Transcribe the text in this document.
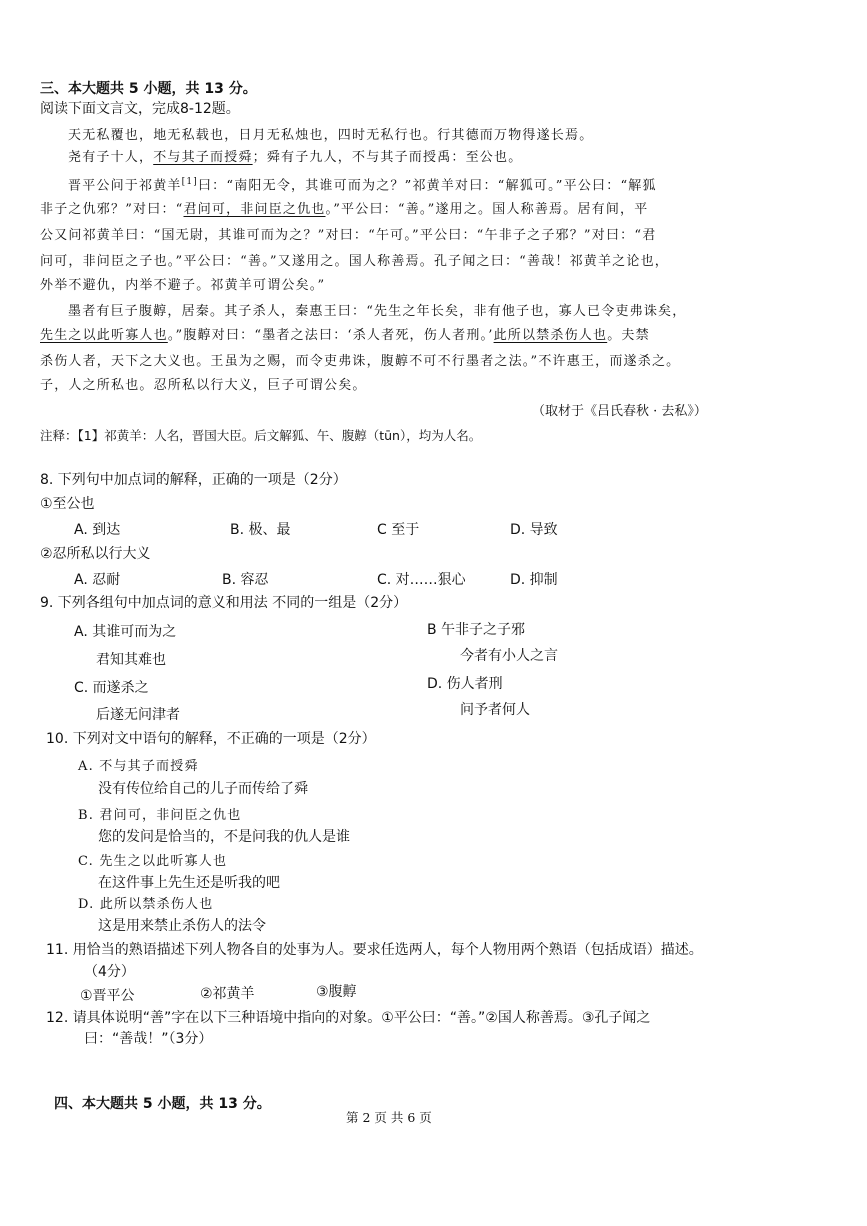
三、本大题共 5 小题，共 13 分。
阅读下面文言文，完成8-12题。
天无私覆也，地无私载也，日月无私烛也，四时无私行也。行其德而万物得遂长焉。
尧有子十人，不与其子而授舜；舜有子九人，不与其子而授禹：至公也。
晋平公问于祁黄羊[1]曰：“南阳无令，其谁可而为之？”祁黄羊对曰：“解狐可。”平公曰：“解狐
非子之仇邪？”对曰：“君问可，非问臣之仇也。”平公曰：“善。”遂用之。国人称善焉。居有间，平
公又问祁黄羊曰：“国无尉，其谁可而为之？”对曰：“午可。”平公曰：“午非子之子邪？”对曰：“君
问可，非问臣之子也。”平公曰：“善。”又遂用之。国人称善焉。孔子闻之曰：“善哉！祁黄羊之论也，
外举不避仇，内举不避子。祁黄羊可谓公矣。”
墨者有巨子腹䵍，居秦。其子杀人，秦惠王曰：“先生之年长矣，非有他子也，寡人已令吏弗诛矣，
先生之以此听寡人也。”腹䵍对曰：“墨者之法曰：‘杀人者死，伤人者刑。’此所以禁杀伤人也。夫禁
杀伤人者，天下之大义也。王虽为之赐，而令吏弗诛，腹䵍不可不行墨者之法。”不许惠王，而遂杀之。
子，人之所私也。忍所私以行大义，巨子可谓公矣。
（取材于《吕氏春秋 · 去私》）
注释：【1】祁黄羊：人名，晋国大臣。后文解狐、午、腹䵍（tūn），均为人名。
8. 下列句中加点词的解释，正确的一项是（2分）
①至公也
A. 到达	B. 极、最	C 至于	D. 导致
②忍所私以行大义
A. 忍耐	B. 容忍	C. 对……狠心	D. 抑制
9. 下列各组句中加点词的意义和用法 不同的一组是（2分）
A. 其谁可而为之
君知其难也
B 午非子之子邪
今者有小人之言
C. 而遂杀之
后遂无问津者
D. 伤人者刑
问予者何人
10. 下列对文中语句的解释，不正确的一项是（2分）
A. 不与其子而授舜
没有传位给自己的儿子而传给了舜
B. 君问可，非问臣之仇也
您的发问是恰当的，不是问我的仇人是谁
C. 先生之以此听寡人也
在这件事上先生还是听我的吧
D. 此所以禁杀伤人也
这是用来禁止杀伤人的法令
11. 用恰当的熟语描述下列人物各自的处事为人。要求任选两人，每个人物用两个熟语（包括成语）描述。
（4分）
①晋平公	②祁黄羊	③腹䵍
12. 请具体说明“善”字在以下三种语境中指向的对象。①平公曰：“善。”②国人称善焉。③孔子闻之
曰：“善哉！”（3分）
四、本大题共 5 小题，共 13 分。
第 2 页 共 6 页
